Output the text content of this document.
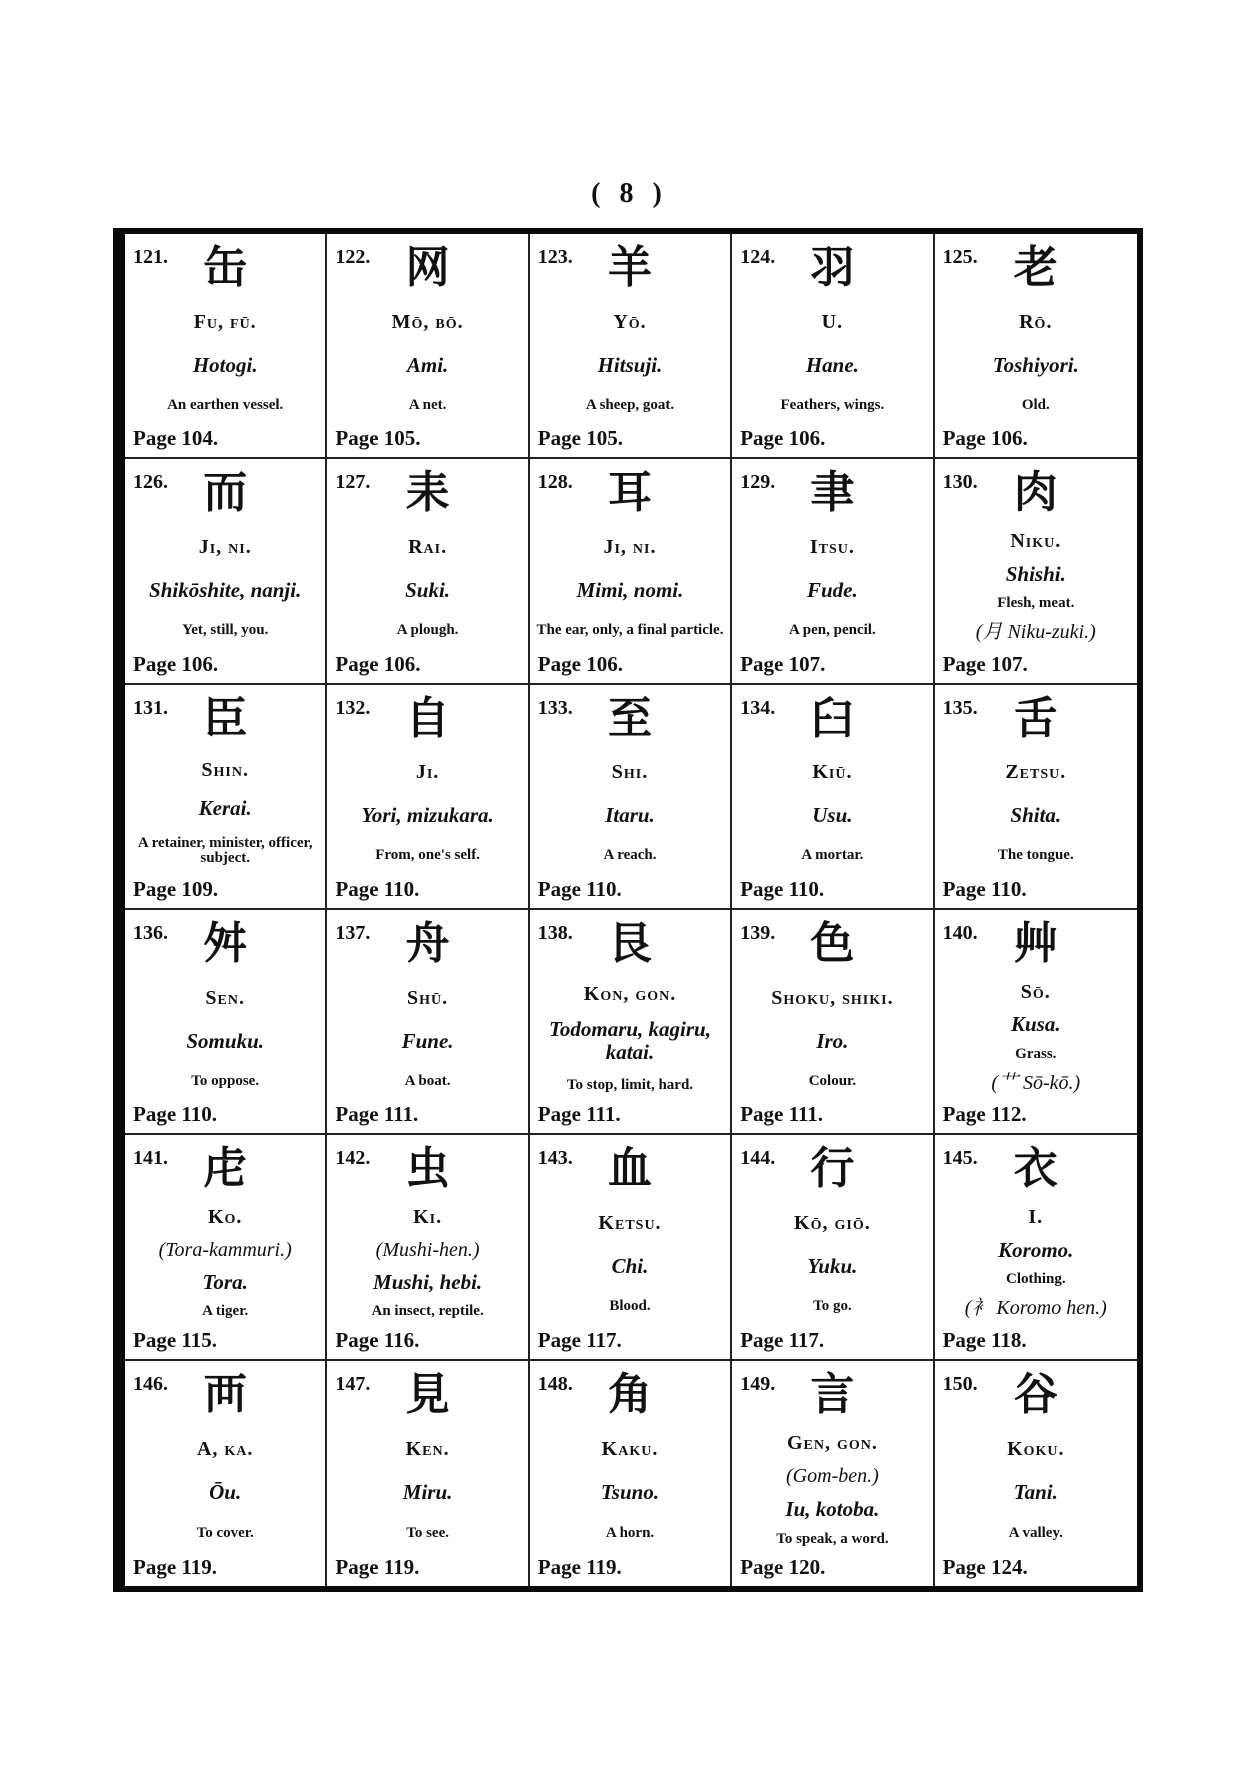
( 8 )
121. 缶
Fu, fū.
Hotogi.
An earthen vessel.
Page 104.
122. 网
Mō, bō.
Ami.
A net.
Page 105.
123. 羊
Yō.
Hitsuji.
A sheep, goat.
Page 105.
124. 羽
U.
Hane.
Feathers, wings.
Page 106.
125. 老
Rō.
Toshiyori.
Old.
Page 106.
126. 而
Ji, ni.
Shikōshite, nanji.
Yet, still, you.
Page 106.
127. 耒
Rai.
Suki.
A plough.
Page 106.
128. 耳
Ji, ni.
Mimi, nomi.
The ear, only, a final particle.
Page 106.
129. 聿
Itsu.
Fude.
A pen, pencil.
Page 107.
130. 肉
Niku.
Shishi.
Flesh, meat.
(月 Niku-zuki.)
Page 107.
131. 臣
Shin.
Kerai.
A retainer, minister, officer, subject.
Page 109.
132. 自
Ji.
Yori, mizukara.
From, one's self.
Page 110.
133. 至
Shi.
Itaru.
A reach.
Page 110.
134. 臼
Kiū.
Usu.
A mortar.
Page 110.
135. 舌
Zetsu.
Shita.
The tongue.
Page 110.
136. 舛
Sen.
Somuku.
To oppose.
Page 110.
137. 舟
Shū.
Fune.
A boat.
Page 111.
138. 艮
Kon, gon.
Todomaru, kagiru, katai.
To stop, limit, hard.
Page 111.
139. 色
Shoku, shiki.
Iro.
Colour.
Page 111.
140. 艸
Sō.
Kusa.
Grass.
(艹 Sō-kō.)
Page 112.
141. 虍
Ko.
(Tora-kammuri.)
Tora.
A tiger.
Page 115.
142. 虫
Ki.
(Mushi-hen.)
Mushi, hebi.
An insect, reptile.
Page 116.
143. 血
Ketsu.
Chi.
Blood.
Page 117.
144. 行
Kō, giō.
Yuku.
To go.
Page 117.
145. 衣
I.
Koromo.
Clothing.
(衤 Koromo hen.)
Page 118.
146. 襾
A, ka.
Ōu.
To cover.
Page 119.
147. 見
Ken.
Miru.
To see.
Page 119.
148. 角
Kaku.
Tsuno.
A horn.
Page 119.
149. 言
Gen, gon.
(Gom-ben.)
Iu, kotoba.
To speak, a word.
Page 120.
150. 谷
Koku.
Tani.
A valley.
Page 124.
